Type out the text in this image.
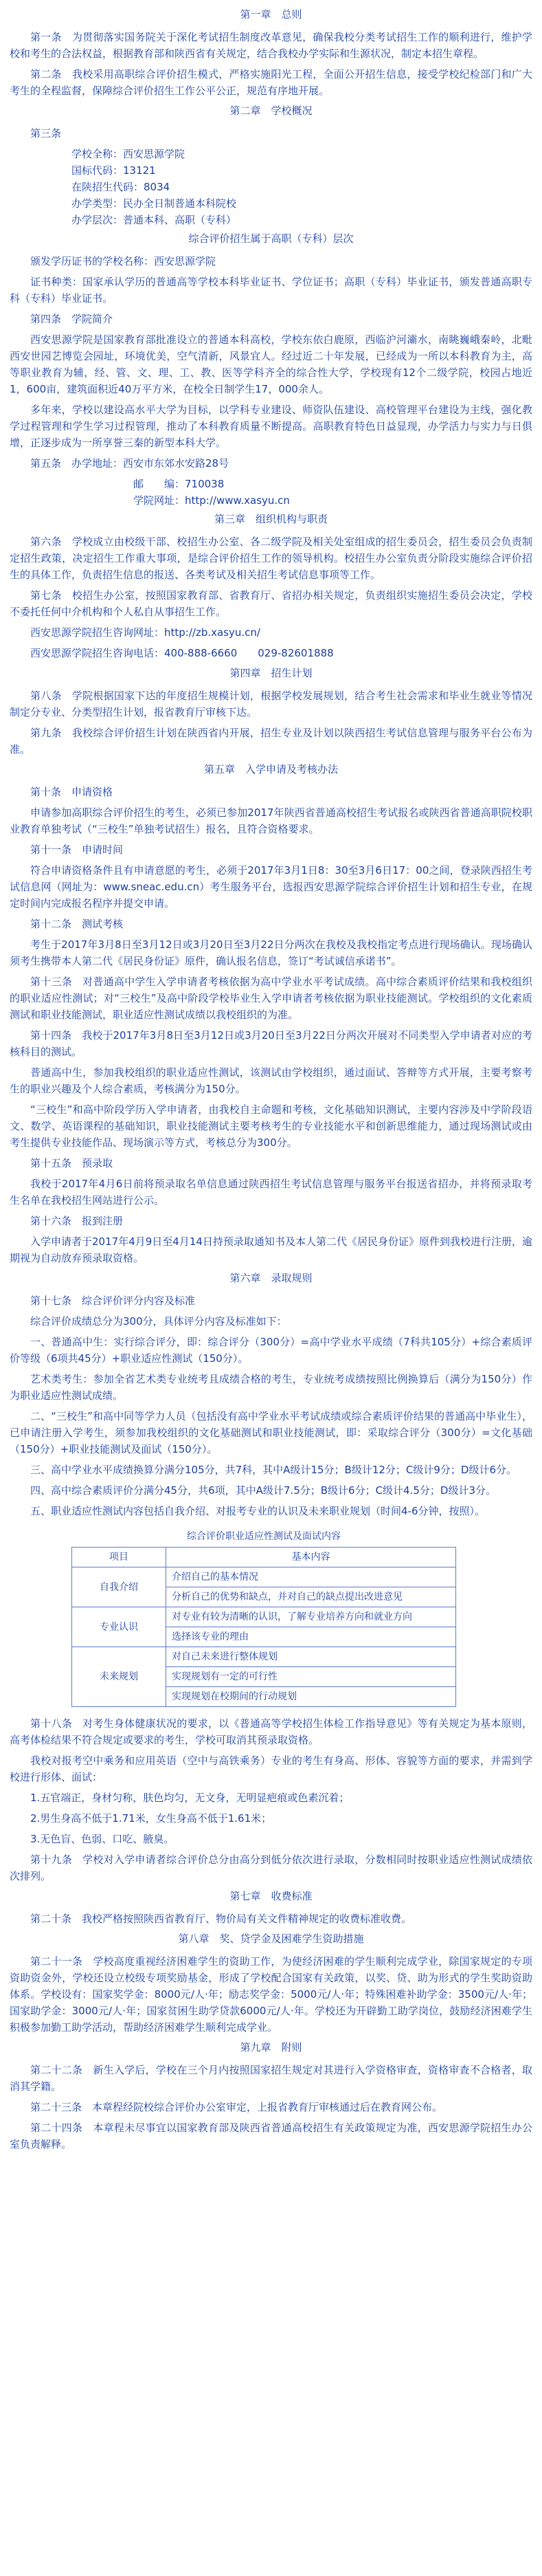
第一章　总则

第一条　为贯彻落实国务院关于深化考试招生制度改革意见，确保我校分类考试招生工作的顺利进行，维护学校和考生的合法权益，根据教育部和陕西省有关规定，结合我校办学实际和生源状况，制定本招生章程。

第二条　我校采用高职综合评价招生模式，严格实施阳光工程，全面公开招生信息，接受学校纪检部门和广大考生的全程监督，保障综合评价招生工作公平公正，规范有序地开展。

第二章　学校概况

第三条

学校全称：西安思源学院

国标代码：13121

在陕招生代码：8034

办学类型：民办全日制普通本科院校

办学层次：普通本科、高职（专科）

综合评价招生属于高职（专科）层次

颁发学历证书的学校名称：西安思源学院

证书种类：国家承认学历的普通高等学校本科毕业证书、学位证书；高职（专科）毕业证书，颁发普通高职专科（专科）毕业证书。

第四条　学院简介

西安思源学院是国家教育部批准设立的普通本科高校，学校东依白鹿原，西临沪河灞水，南眺巍峨秦岭，北毗西安世园艺博览会园址，环境优美，空气清新，风景宜人。经过近二十年发展，已经成为一所以本科教育为主，高等职业教育为辅，经、管、文、理、工、教、医等学科齐全的综合性大学，学校现有12个二级学院，校园占地近1，600亩，建筑面积近40万平方米，在校全日制学生17，000余人。

多年来，学校以建设高水平大学为目标，以学科专业建设、师资队伍建设、高校管理平台建设为主线，强化教学过程管理和学生学习过程管理，推动了本科教育质量不断提高。高职教育特色日益显现，办学活力与实力与日俱增，正逐步成为一所享誉三秦的新型本科大学。

第五条　办学地址：西安市东郊水安路28号

邮　　编：710038

学院网址：http://www.xasyu.cn

第三章　组织机构与职责

第六条　学校成立由校级干部、校招生办公室、各二级学院及相关处室组成的招生委员会，招生委员会负责制定招生政策，决定招生工作重大事项，是综合评价招生工作的领导机构。校招生办公室负责分阶段实施综合评价招生的具体工作，负责招生信息的报送、各类考试及相关招生考试信息事项等工作。

第七条　校招生办公室，按照国家教育部、省教育厅、省招办相关规定，负责组织实施招生委员会决定，学校不委托任何中介机构和个人私自从事招生工作。

西安思源学院招生咨询网址：http://zb.xasyu.cn/

西安思源学院招生咨询电话：400-888-6660　　029-82601888

第四章　招生计划

第八条　学院根据国家下达的年度招生规模计划，根据学校发展规划，结合考生社会需求和毕业生就业等情况制定分专业、分类型招生计划，报省教育厅审核下达。

第九条　我校综合评价招生计划在陕西省内开展，招生专业及计划以陕西招生考试信息管理与服务平台公布为准。

第五章　入学申请及考核办法

第十条　申请资格

申请参加高职综合评价招生的考生，必须已参加2017年陕西省普通高校招生考试报名或陕西省普通高职院校职业教育单独考试（“三校生”单独考试招生）报名，且符合资格要求。

第十一条　申请时间

符合申请资格条件且有申请意愿的考生，必须于2017年3月1日8：30至3月6日17：00之间，登录陕西招生考试信息网（网址为：www.sneac.edu.cn）考生服务平台，选报西安思源学院综合评价招生计划和招生专业，在规定时间内完成报名程序并提交申请。

第十二条　测试考核

考生于2017年3月8日至3月12日或3月20日至3月22日分两次在我校及我校指定考点进行现场确认。现场确认须考生携带本人第二代《居民身份证》原件，确认报名信息，签订“考试诚信承诺书”。

第十三条　对普通高中学生入学申请者考核依据为高中学业水平考试成绩。高中综合素质评价结果和我校组织的职业适应性测试；对“三校生”及高中阶段学校毕业生入学申请者考核依据为职业技能测试。学校组织的文化素质测试和职业技能测试，职业适应性测试成绩以我校组织的为准。

第十四条　我校于2017年3月8日至3月12日或3月20日至3月22日分两次开展对不同类型入学申请者对应的考核科目的测试。

普通高中生，参加我校组织的职业适应性测试，该测试由学校组织，通过面试、答辩等方式开展，主要考察考生的职业兴趣及个人综合素质，考核满分为150分。

“三校生”和高中阶段学历入学申请者，由我校自主命题和考核，文化基础知识测试，主要内容涉及中学阶段语文、数学、英语课程的基础知识，职业技能测试主要考核考生的专业技能水平和创新思维能力，通过现场测试或由考生提供专业技能作品、现场演示等方式，考核总分为300分。

第十五条　预录取

我校于2017年4月6日前将预录取名单信息通过陕西招生考试信息管理与服务平台报送省招办，并将预录取考生名单在我校招生网站进行公示。

第十六条　报到注册

入学申请者于2017年4月9日至4月14日持预录取通知书及本人第二代《居民身份证》原件到我校进行注册，逾期视为自动放弃预录取资格。

第六章　录取规则

第十七条　综合评价评分内容及标准

综合评价成绩总分为300分，具体评分内容及标准如下：

一、普通高中生：实行综合评分，即：综合评分（300分）=高中学业水平成绩（7科共105分）+综合素质评价等级（6项共45分）+职业适应性测试（150分）。

艺术类考生：参加全省艺术类专业统考且成绩合格的考生，专业统考成绩按照比例换算后（满分为150分）作为职业适应性测试成绩。

二、“三校生”和高中同等学力人员（包括没有高中学业水平考试成绩或综合素质评价结果的普通高中毕业生），已申请注册入学考生，须参加我校组织的文化基础测试和职业技能测试，即：采取综合评分（300分）=文化基础（150分）+职业技能测试及面试（150分）。

三、高中学业水平成绩换算分满分105分，共7科，其中A级计15分；B级计12分；C级计9分；D级计6分。

四、高中综合素质评价分满分45分，共6项，其中A级计7.5分；B级计6分；C级计4.5分；D级计3分。

五、职业适应性测试内容包括自我介绍、对报考专业的认识及未来职业规划（时间4-6分钟，按照）。

综合评价职业适应性测试及面试内容
项目	基本内容
自我介绍	介绍自己的基本情况
	分析自己的优势和缺点，并对自己的缺点提出改进意见
专业认识	对专业有较为清晰的认识，了解专业培养方向和就业方向
	选择该专业的理由
未来规划	对自己未来进行整体规划
	实现规划有一定的可行性
	实现规划在校期间的行动规划

第十八条　对考生身体健康状况的要求，以《普通高等学校招生体检工作指导意见》等有关规定为基本原则，高考体检结果不符合规定或要求的考生，学校可取消其预录取资格。

我校对报考空中乘务和应用英语（空中与高铁乘务）专业的考生有身高、形体、容貌等方面的要求，并需到学校进行形体、面试：

1.五官端正，身材匀称，肤色均匀，无文身，无明显疤痕或色素沉着；

2.男生身高不低于1.71米，女生身高不低于1.61米；

3.无色盲、色弱、口吃、腋臭。

第十九条　学校对入学申请者综合评价总分由高分到低分依次进行录取，分数相同时按职业适应性测试成绩依次排列。

第七章　收费标准

第二十条　我校严格按照陕西省教育厅、物价局有关文件精神规定的收费标准收费。

第八章　奖、贷学金及困难学生资助措施

第二十一条　学校高度重视经济困难学生的资助工作，为使经济困难的学生顺利完成学业，除国家规定的专项资助资金外，学校还设立校级专项奖励基金，形成了学校配合国家有关政策，以奖、贷、助为形式的学生奖助资助体系。学校设有：国家奖学金：8000元/人·年；励志奖学金：5000元/人·年；特殊困难补助学金：3500元/人·年；国家助学金：3000元/人·年；国家贫困生助学贷款6000元/人·年。学校还为开辟勤工助学岗位，鼓励经济困难学生积极参加勤工助学活动，帮助经济困难学生顺利完成学业。

第九章　附则

第二十二条　新生入学后，学校在三个月内按照国家招生规定对其进行入学资格审查，资格审查不合格者，取消其学籍。

第二十三条　本章程经院校综合评价办公室审定，上报省教育厅审核通过后在教育网公布。

第二十四条　本章程未尽事宜以国家教育部及陕西省普通高校招生有关政策规定为准，西安思源学院招生办公室负责解释。
